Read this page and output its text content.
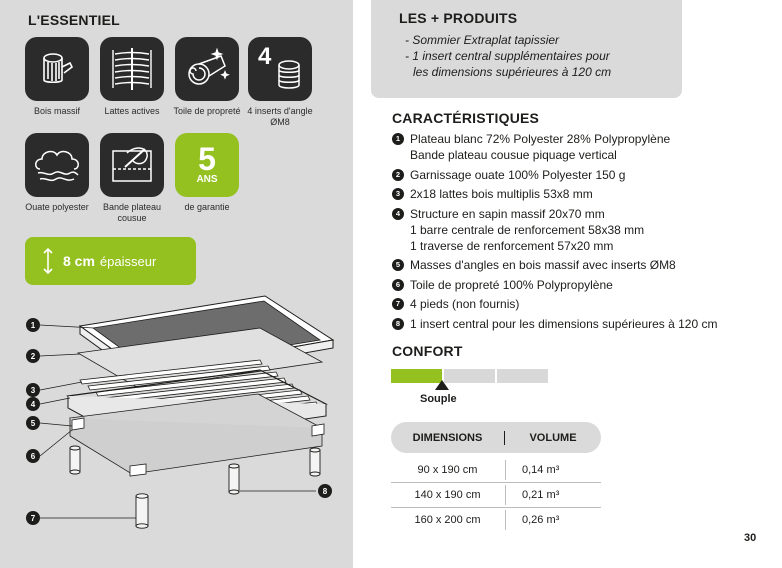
L'ESSENTIEL
Bois massif	Lattes actives	Toile de propreté
4
4 inserts d'angle ØM8
Ouate polyester	Bande plateau cousue
5
ANS
de garantie
8 cm épaisseur
1
2
3
4
5
6
7
8
LES + PRODUITS
- Sommier Extraplat tapissier
- 1 insert central supplémentaires pour
les dimensions supérieures à 120 cm
CARACTÉRISTIQUES
1 Plateau blanc 72% Polyester 28% Polypropylène
Bande plateau cousue piquage vertical
2 Garnissage ouate 100% Polyester 150 g
3 2x18 lattes bois multiplis 53x8 mm
4 Structure en sapin massif 20x70 mm
1 barre centrale de renforcement 58x38 mm
1 traverse de renforcement 57x20 mm
5 Masses d'angles en bois massif avec inserts ØM8
6 Toile de propreté 100% Polypropylène
7 4 pieds (non fournis)
8 1 insert central pour les dimensions supérieures à 120 cm
CONFORT
Souple
DIMENSIONS	VOLUME
90 x 190 cm	0,14 m³
140 x 190 cm	0,21 m³
160 x 200 cm	0,26 m³
30
